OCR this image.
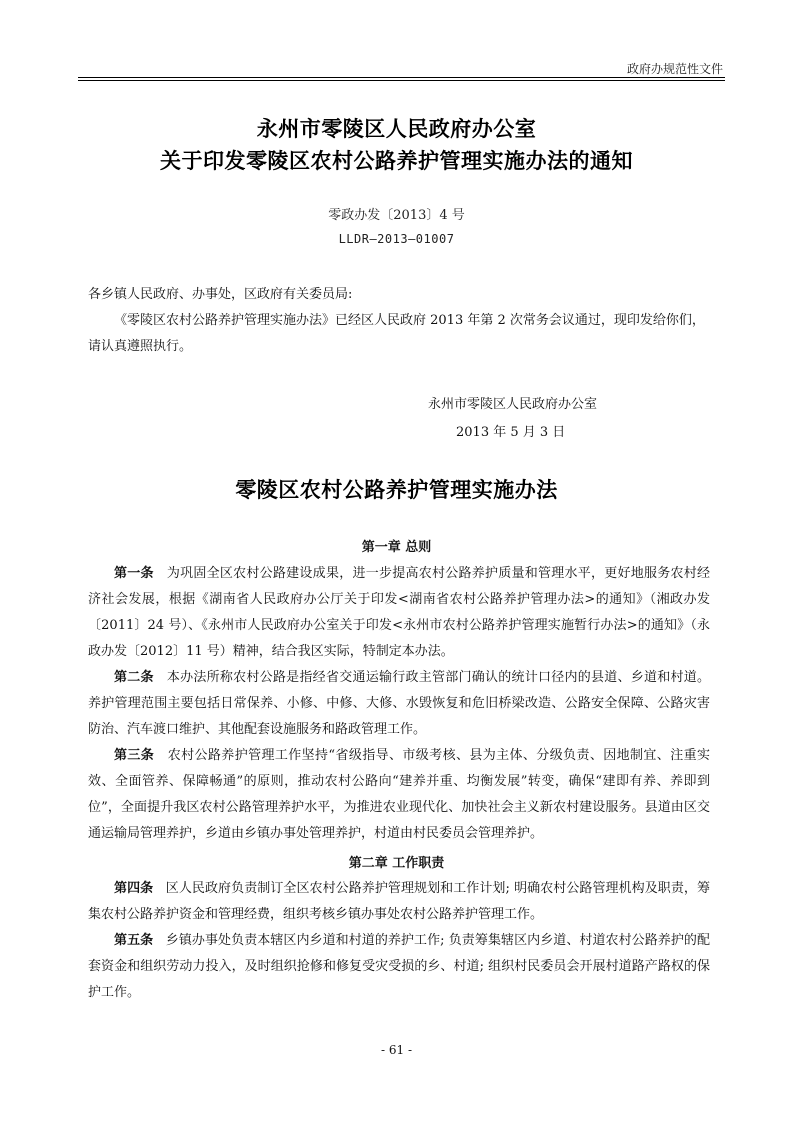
政府办规范性文件
永州市零陵区人民政府办公室
关于印发零陵区农村公路养护管理实施办法的通知
零政办发〔2013〕4 号
LLDR—2013—01007

各乡镇人民政府、办事处，区政府有关委员局:

《零陵区农村公路养护管理实施办法》已经区人民政府 2013 年第 2 次常务会议通过，现印发给你们，

请认真遵照执行。

永州市零陵区人民政府办公室
2013 年 5 月 3 日
零陵区农村公路养护管理实施办法
第一章 总则

第一条 为巩固全区农村公路建设成果，进一步提高农村公路养护质量和管理水平，更好地服务农村经济社会发展，根据《湖南省人民政府办公厅关于印发<湖南省农村公路养护管理办法>的通知》（湘政办发〔2011〕24 号）、《永州市人民政府办公室关于印发<永州市农村公路养护管理实施暂行办法>的通知》（永政办发〔2012〕11 号）精神，结合我区实际，特制定本办法。

第二条 本办法所称农村公路是指经省交通运输行政主管部门确认的统计口径内的县道、乡道和村道。养护管理范围主要包括日常保养、小修、中修、大修、水毁恢复和危旧桥梁改造、公路安全保障、公路灾害防治、汽车渡口维护、其他配套设施服务和路政管理工作。

第三条 农村公路养护管理工作坚持“省级指导、市级考核、县为主体、分级负责、因地制宜、注重实效、全面管养、保障畅通”的原则，推动农村公路向“建养并重、均衡发展”转变，确保“建即有养、养即到位”，全面提升我区农村公路管理养护水平，为推进农业现代化、加快社会主义新农村建设服务。县道由区交通运输局管理养护，乡道由乡镇办事处管理养护，村道由村民委员会管理养护。

第二章 工作职责

第四条 区人民政府负责制订全区农村公路养护管理规划和工作计划; 明确农村公路管理机构及职责，筹集农村公路养护资金和管理经费，组织考核乡镇办事处农村公路养护管理工作。

第五条 乡镇办事处负责本辖区内乡道和村道的养护工作; 负责筹集辖区内乡道、村道农村公路养护的配套资金和组织劳动力投入，及时组织抢修和修复受灾受损的乡、村道; 组织村民委员会开展村道路产路权的保护工作。

- 61 -
